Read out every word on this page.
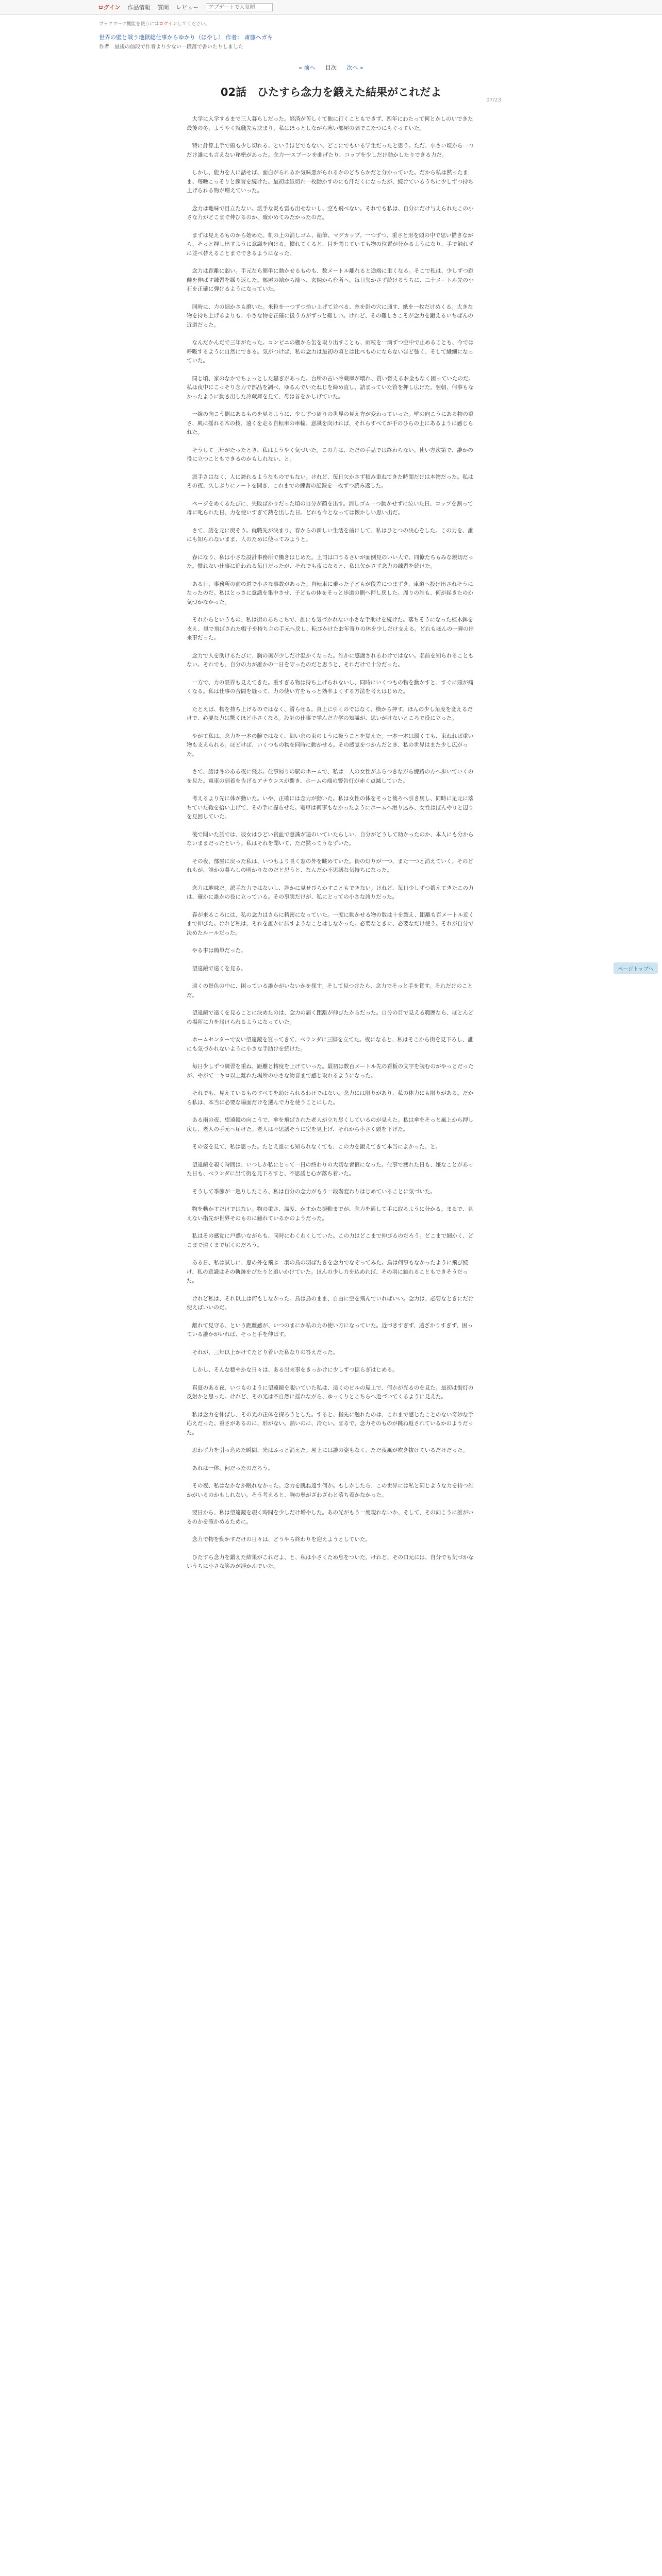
ログイン 作品情報 質問 レビュー
アプデートで人気順
ブックマーク機能を使うにはログインしてください。
世界の壁と戦う地獄総仕事からゆかり（ほやし） 作者： 斎藤ヘガキ
作者　最後の前段で作者より少ない一段落で書いたりしました
« 前へ 目次 次へ »
07/23
02話　ひたすら念力を鍛えた結果がこれだよ

大学に入学するまで三人暮らしだった。経済が苦しくて他に行くこともできず、四年にわたって何とかしのいできた最後の冬、ようやく就職先も決まり、私はほっとしながら寒い部屋の隅でこたつにもぐっていた。

特に計算上手で頭も少し切れる、というほどでもない、どこにでもいる学生だったと思う。ただ、小さい頃から一つだけ誰にも言えない秘密があった。念力──スプーンを曲げたり、コップを少しだけ動かしたりできる力だ。

しかし、能力を人に話せば、面白がられるか気味悪がられるかのどちらかだと分かっていた。だから私は黙ったまま、毎晩こっそりと練習を続けた。最初は紙切れ一枚動かすのにも汗だくになったが、続けているうちに少しずつ持ち上げられる物が増えていった。

念力は地味で目立たない。派手な炎も雷も出せないし、空も飛べない。それでも私は、自分にだけ与えられたこの小さな力がどこまで伸びるのか、確かめてみたかったのだ。

まずは見えるものから始めた。机の上の消しゴム、鉛筆、マグカップ。一つずつ、重さと形を頭の中で思い描きながら、そっと押し出すように意識を向ける。慣れてくると、目を閉じていても物の位置が分かるようになり、手で触れずに並べ替えることまでできるようになった。

念力は距離に弱い。手元なら簡単に動かせるものも、数メートル離れると途端に重くなる。そこで私は、少しずつ距離を伸ばす練習を繰り返した。部屋の端から端へ、玄関から台所へ。毎日欠かさず続けるうちに、二十メートル先の小石を正確に弾けるようになっていた。

同時に、力の細かさも磨いた。米粒を一つずつ拾い上げて並べる、糸を針の穴に通す、紙を一枚だけめくる。大きな物を持ち上げるよりも、小さな物を正確に扱う方がずっと難しい。けれど、その難しさこそが念力を鍛えるいちばんの近道だった。

なんだかんだで三年がたった。コンビニの棚から缶を取り出すことも、雨粒を一滴ずつ空中で止めることも、今では呼吸するように自然にできる。気がつけば、私の念力は最初の頃とは比べものにならないほど強く、そして繊細になっていた。

同じ頃、家のなかでちょっとした騒ぎがあった。台所の古い冷蔵庫が壊れ、買い替えるお金もなく困っていたのだ。私は夜中にこっそり念力で部品を調べ、ゆるんでいたねじを締め直し、詰まっていた管を押し広げた。翌朝、何事もなかったように動き出した冷蔵庫を見て、母は首をかしげていた。

一線の向こう側にあるものを見るように、少しずつ周りの世界の見え方が変わっていった。壁の向こうにある物の重さ、風に揺れる木の枝、遠くを走る自転車の車輪。意識を向ければ、それらすべてが手のひらの上にあるように感じられた。

そうして三年がたったとき、私はようやく気づいた。この力は、ただの手品では終わらない。使い方次第で、誰かの役に立つこともできるのかもしれない、と。

派手さはなく、人に誇れるようなものでもない。けれど、毎日欠かさず積み重ねてきた時間だけは本物だった。私はその夜、久しぶりにノートを開き、これまでの練習の記録を一枚ずつ読み返した。

ページをめくるたびに、失敗ばかりだった頃の自分が顔を出す。消しゴム一つ動かせずに泣いた日、コップを割って母に叱られた日、力を使いすぎて熱を出した日。どれも今となっては懐かしい思い出だ。

さて、話を元に戻そう。就職先が決まり、春からの新しい生活を前にして、私はひとつの決心をした。この力を、誰にも知られないまま、人のために使ってみようと。

春になり、私は小さな設計事務所で働きはじめた。上司は口うるさいが面倒見のいい人で、同僚たちもみな親切だった。慣れない仕事に追われる毎日だったが、それでも夜になると、私は欠かさず念力の練習を続けた。

ある日、事務所の前の道で小さな事故があった。自転車に乗った子どもが段差につまずき、車道へ投げ出されそうになったのだ。私はとっさに意識を集中させ、子どもの体をそっと歩道の側へ押し戻した。周りの誰も、何が起きたのか気づかなかった。

それからというもの、私は街のあちこちで、誰にも気づかれない小さな手助けを続けた。落ちそうになった植木鉢を支え、風で飛ばされた帽子を持ち主の手元へ戻し、転びかけたお年寄りの体を少しだけ支える。どれもほんの一瞬の出来事だった。

念力で人を助けるたびに、胸の奥が少しだけ温かくなった。誰かに感謝されるわけではない。名前を知られることもない。それでも、自分の力が誰かの一日を守ったのだと思うと、それだけで十分だった。

一方で、力の限界も見えてきた。重すぎる物は持ち上げられないし、同時にいくつもの物を動かすと、すぐに頭が痛くなる。私は仕事の合間を縫って、力の使い方をもっと効率よくする方法を考えはじめた。

たとえば、物を持ち上げるのではなく、滑らせる。真上に引くのではなく、横から押す。ほんの少し角度を変えるだけで、必要な力は驚くほど小さくなる。設計の仕事で学んだ力学の知識が、思いがけないところで役に立った。

やがて私は、念力を一本の腕ではなく、細い糸の束のように扱うことを覚えた。一本一本は弱くても、束ねれば重い物も支えられる。ほどけば、いくつもの物を同時に動かせる。その感覚をつかんだとき、私の世界はまた少し広がった。

さて、話は冬のある夜に飛ぶ。仕事帰りの駅のホームで、私は一人の女性がふらつきながら線路の方へ歩いていくのを見た。電車の到着を告げるアナウンスが響き、ホームの端の警告灯が赤く点滅していた。

考えるより先に体が動いた。いや、正確には念力が動いた。私は女性の体をそっと後ろへ引き戻し、同時に足元に落ちていた鞄を拾い上げて、その手に握らせた。電車は何事もなかったようにホームへ滑り込み、女性はぼんやりと辺りを見回していた。

後で聞いた話では、彼女はひどい貧血で意識が遠のいていたらしい。自分がどうして助かったのか、本人にも分からないままだったという。私はそれを聞いて、ただ黙ってうなずいた。

その夜、部屋に戻った私は、いつもより長く窓の外を眺めていた。街の灯りが一つ、また一つと消えていく。そのどれもが、誰かの暮らしの明かりなのだと思うと、なんだか不思議な気持ちになった。

念力は地味だ。派手な力ではないし、誰かに見せびらかすこともできない。けれど、毎日少しずつ鍛えてきたこの力は、確かに誰かの役に立っている。その事実だけが、私にとっての小さな誇りだった。

春が来るころには、私の念力はさらに精密になっていた。一度に動かせる物の数は十を超え、距離も百メートル近くまで伸びた。けれど私は、それを誰かに試すようなことはしなかった。必要なときに、必要なだけ使う。それが自分で決めたルールだった。

やる事は簡単だった。

望遠鏡で遠くを見る。

遠くの景色の中に、困っている誰かがいないかを探す。そして見つけたら、念力でそっと手を貸す。それだけのことだ。

望遠鏡で遠くを見ることに決めたのは、念力の届く距離が伸びたからだった。自分の目で見える範囲なら、ほとんどの場所に力を届けられるようになっていた。

ホームセンターで安い望遠鏡を買ってきて、ベランダに三脚を立てた。夜になると、私はそこから街を見下ろし、誰にも気づかれないように小さな手助けを続けた。

毎日少しずつ練習を重ね、距離と精度を上げていった。最初は数百メートル先の看板の文字を読むのがやっとだったが、やがて一キロ以上離れた場所の小さな物音まで感じ取れるようになった。

それでも、見えているものすべてを助けられるわけではない。念力には限りがあり、私の体力にも限りがある。だから私は、本当に必要な場面だけを選んで力を使うことにした。

ある雨の夜、望遠鏡の向こうで、傘を飛ばされた老人が立ち尽くしているのが見えた。私は傘をそっと風上から押し戻し、老人の手元へ届けた。老人は不思議そうに空を見上げ、それから小さく頭を下げた。

その姿を見て、私は思った。たとえ誰にも知られなくても、この力を鍛えてきて本当によかった、と。

望遠鏡を覗く時間は、いつしか私にとって一日の終わりの大切な習慣になった。仕事で疲れた日も、嫌なことがあった日も、ベランダに出て街を見下ろすと、不思議と心が落ち着いた。

そうして季節が一巡りしたころ、私は自分の念力がもう一段階変わりはじめていることに気づいた。

物を動かすだけではない。物の重さ、温度、かすかな振動までが、念力を通して手に取るように分かる。まるで、見えない指先が世界そのものに触れているかのようだった。

私はその感覚に戸惑いながらも、同時にわくわくしていた。この力はどこまで伸びるのだろう。どこまで細かく、どこまで遠くまで届くのだろう。

ある日、私は試しに、窓の外を飛ぶ一羽の鳥の羽ばたきを念力でなぞってみた。鳥は何事もなかったように飛び続け、私の意識はその軌跡をぴたりと追いかけていた。ほんの少し力を込めれば、その羽に触れることもできそうだった。

けれど私は、それ以上は何もしなかった。鳥は鳥のまま、自由に空を飛んでいればいい。念力は、必要なときにだけ使えばいいのだ。

離れて見守る、という距離感が、いつのまにか私の力の使い方になっていた。近づきすぎず、遠ざかりすぎず、困っている誰かがいれば、そっと手を伸ばす。

それが、三年以上かけてたどり着いた私なりの答えだった。

しかし、そんな穏やかな日々は、ある出来事をきっかけに少しずつ揺らぎはじめる。

真夏のある夜、いつものように望遠鏡を覗いていた私は、遠くのビルの屋上で、何かが光るのを見た。最初は街灯の反射かと思った。けれど、その光は不自然に揺れながら、ゆっくりとこちらへ近づいてくるように見えた。

私は念力を伸ばし、その光の正体を探ろうとした。すると、指先に触れたのは、これまで感じたことのない奇妙な手応えだった。重さがあるのに、形がない。熱いのに、冷たい。まるで、念力そのものが跳ね返されているかのようだった。

思わず力を引っ込めた瞬間、光はふっと消えた。屋上には誰の姿もなく、ただ夜風が吹き抜けているだけだった。

あれは一体、何だったのだろう。

その夜、私はなかなか眠れなかった。念力を跳ね返す何か。もしかしたら、この世界には私と同じような力を持つ誰かがいるのかもしれない。そう考えると、胸の奥がざわざわと落ち着かなかった。

翌日から、私は望遠鏡を覗く時間を少しだけ増やした。あの光がもう一度現れないか、そして、その向こうに誰がいるのかを確かめるために。

念力で物を動かすだけの日々は、どうやら終わりを迎えようとしていた。

ひたすら念力を鍛えた結果がこれだよ、と、私は小さくため息をついた。けれど、その口元には、自分でも気づかないうちに小さな笑みが浮かんでいた。

ページトップへ
